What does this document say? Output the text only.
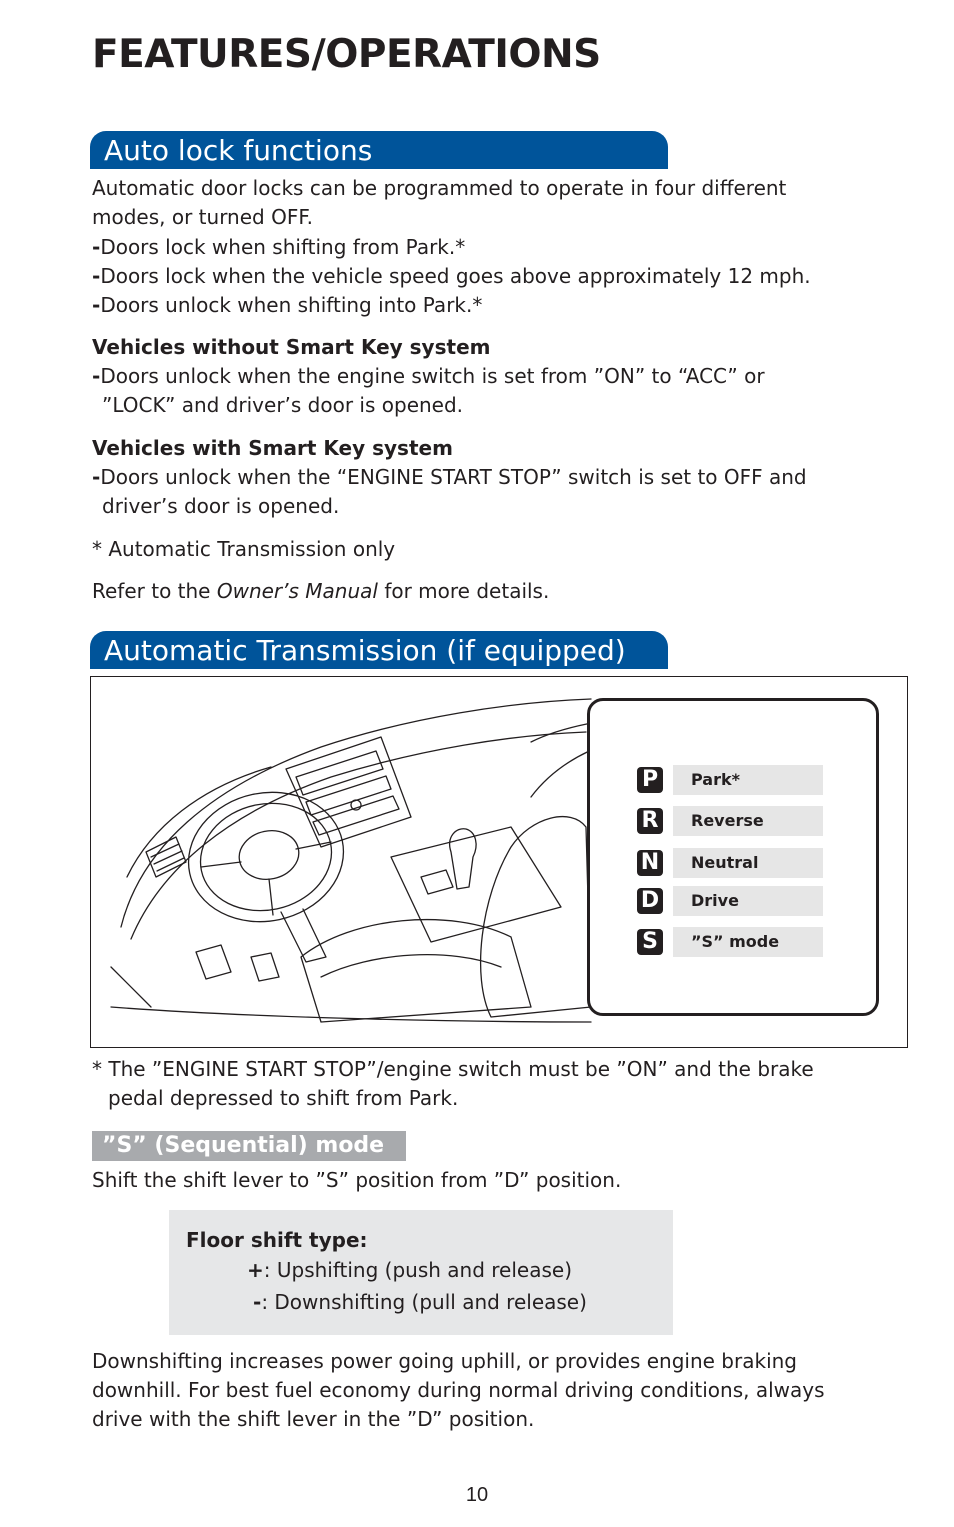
FEATURES/OPERATIONS
Auto lock functions

Automatic door locks can be programmed to operate in four different

modes, or turned OFF.

-Doors lock when shifting from Park.*

-Doors lock when the vehicle speed goes above approximately 12 mph.

-Doors unlock when shifting into Park.*

Vehicles without Smart Key system

-Doors unlock when the engine switch is set from ”ON” to “ACC” or

”LOCK” and driver’s door is opened.

Vehicles with Smart Key system

-Doors unlock when the “ENGINE START STOP” switch is set to OFF and

driver’s door is opened.

* Automatic Transmission only

Refer to the Owner’s Manual for more details.

Automatic Transmission (if equipped)
P	Park*
R	Reverse
N	Neutral
D	Drive
S	”S” mode

* The ”ENGINE START STOP”/engine switch must be ”ON” and the brake

pedal depressed to shift from Park.

”S” (Sequential) mode

Shift the shift lever to ”S” position from ”D” position.

Floor shift type:
+: Upshifting (push and release)
-: Downshifting (pull and release)

Downshifting increases power going uphill, or provides engine braking

downhill. For best fuel economy during normal driving conditions, always

drive with the shift lever in the ”D” position.

10
